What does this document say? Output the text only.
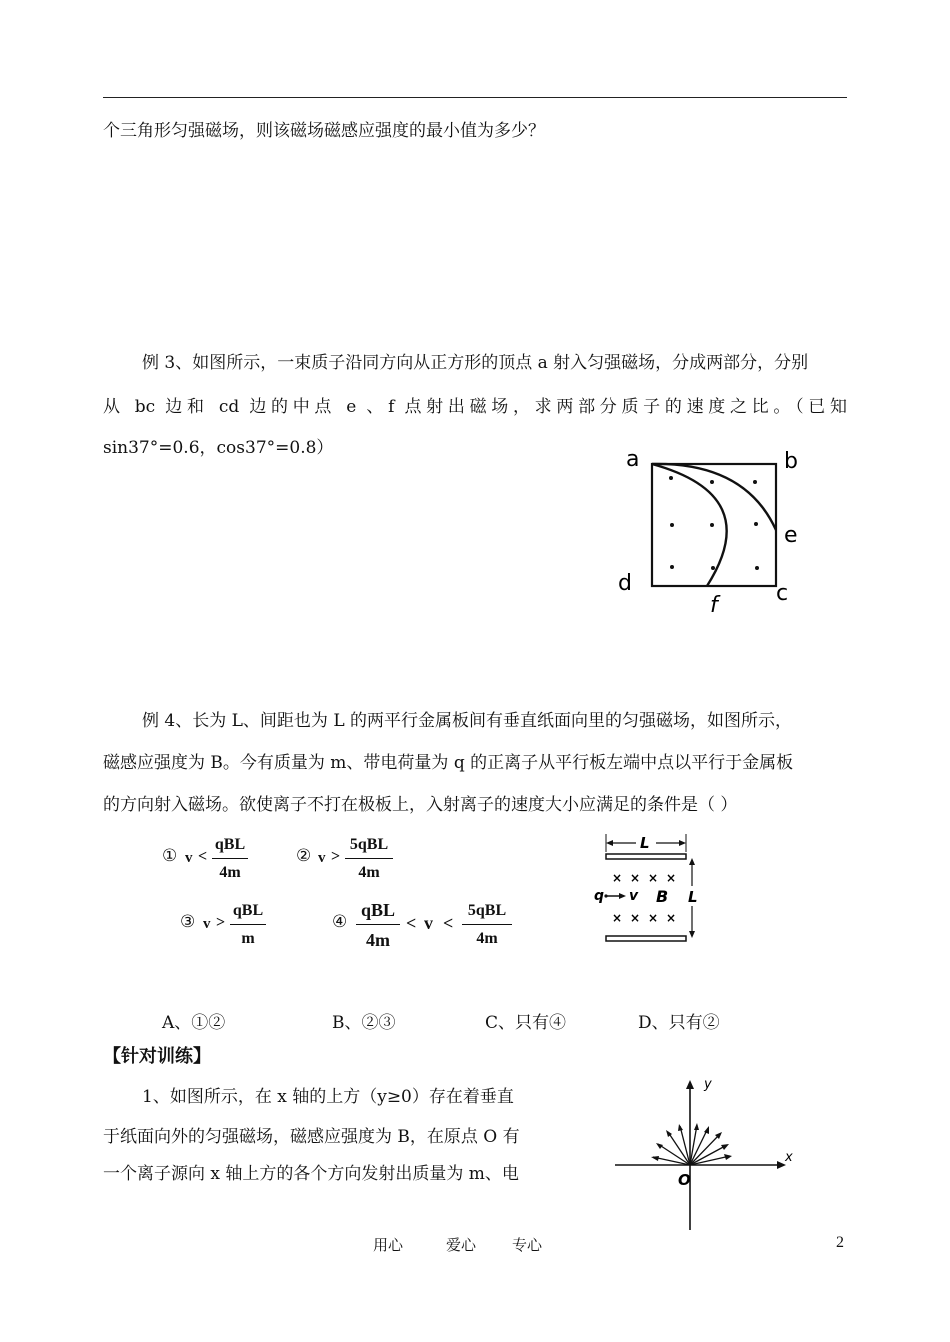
个三角形匀强磁场，则该磁场磁感应强度的最小值为多少？
例 3、如图所示，一束质子沿同方向从正方形的顶点 a 射入匀强磁场，分成两部分，分别
从 bc 边和 cd 边的中点 e 、f 点射出磁场，求两部分质子的速度之比。（已知
sin37°=0.6，cos37°=0.8）	a	b
c
d
e
f
例 4、长为 L、间距也为 L 的两平行金属板间有垂直纸面向里的匀强磁场，如图所示，
磁感应强度为 B。今有质量为 m、带电荷量为 q 的正离子从平行板左端中点以平行于金属板
的方向射入磁场。欲使离子不打在极板上，入射离子的速度大小应满足的条件是（ ）
① v <
qBL
4m
② v >
5qBL
4m
③ v >
qBL
m
④
qBL
4m
< v <
5qBL
4m
L
L
× × × ×
× × × ×
q v B
A、①②	B、②③	C、只有④	D、只有②
【针对训练】
1、如图所示，在 x 轴的上方（y≥0）存在着垂直
于纸面向外的匀强磁场，磁感应强度为 B，在原点 O 有
一个离子源向 x 轴上方的各个方向发射出质量为 m、电
x
y
O
用心	爱心 专心	2
